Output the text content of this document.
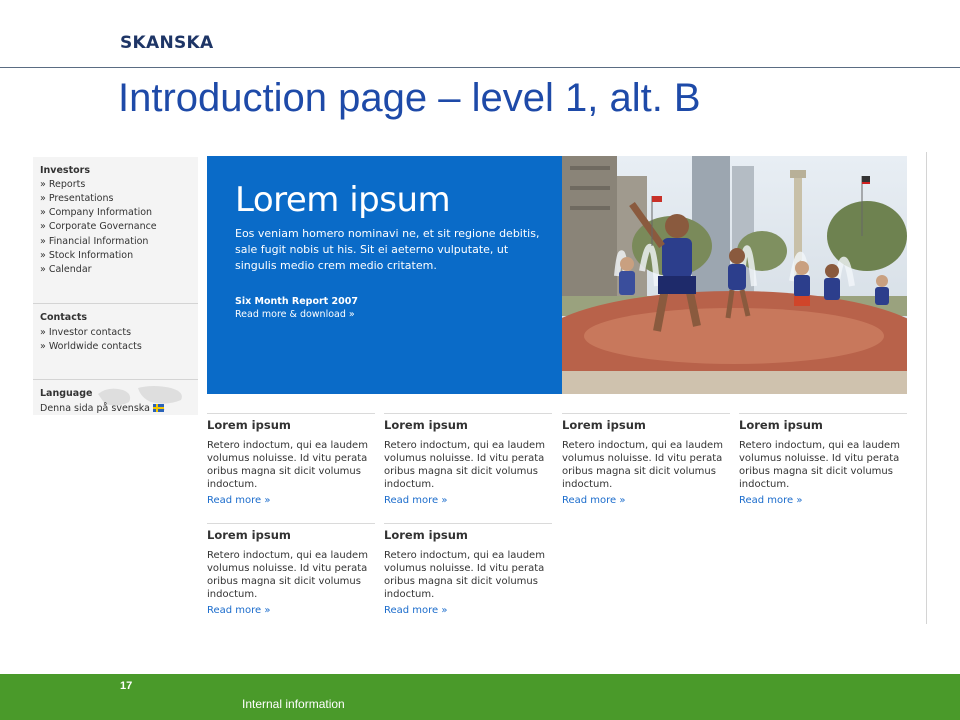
SKANSKA
Introduction page – level 1, alt. B
Investors
» Reports
» Presentations
» Company Information
» Corporate Governance
» Financial Information
» Stock Information
» Calendar
Contacts
» Investor contacts
» Worldwide contacts
Language
Denna sida på svenska
Lorem ipsum
Eos veniam homero nominavi ne, et sit regione debitis, sale fugit nobis ut his. Sit ei aeterno vulputate, ut singulis medio crem medio critatem.
Six Month Report 2007
Read more & download »
Lorem ipsum
Retero indoctum, qui ea laudem volumus noluisse. Id vitu perata oribus magna sit dicit volumus indoctum.
Read more »
Lorem ipsum
Retero indoctum, qui ea laudem volumus noluisse. Id vitu perata oribus magna sit dicit volumus indoctum.
Read more »
Lorem ipsum
Retero indoctum, qui ea laudem volumus noluisse. Id vitu perata oribus magna sit dicit volumus indoctum.
Read more »
Lorem ipsum
Retero indoctum, qui ea laudem volumus noluisse. Id vitu perata oribus magna sit dicit volumus indoctum.
Read more »
Lorem ipsum
Retero indoctum, qui ea laudem volumus noluisse. Id vitu perata oribus magna sit dicit volumus indoctum.
Read more »
Lorem ipsum
Retero indoctum, qui ea laudem volumus noluisse. Id vitu perata oribus magna sit dicit volumus indoctum.
Read more »
17
Internal information
